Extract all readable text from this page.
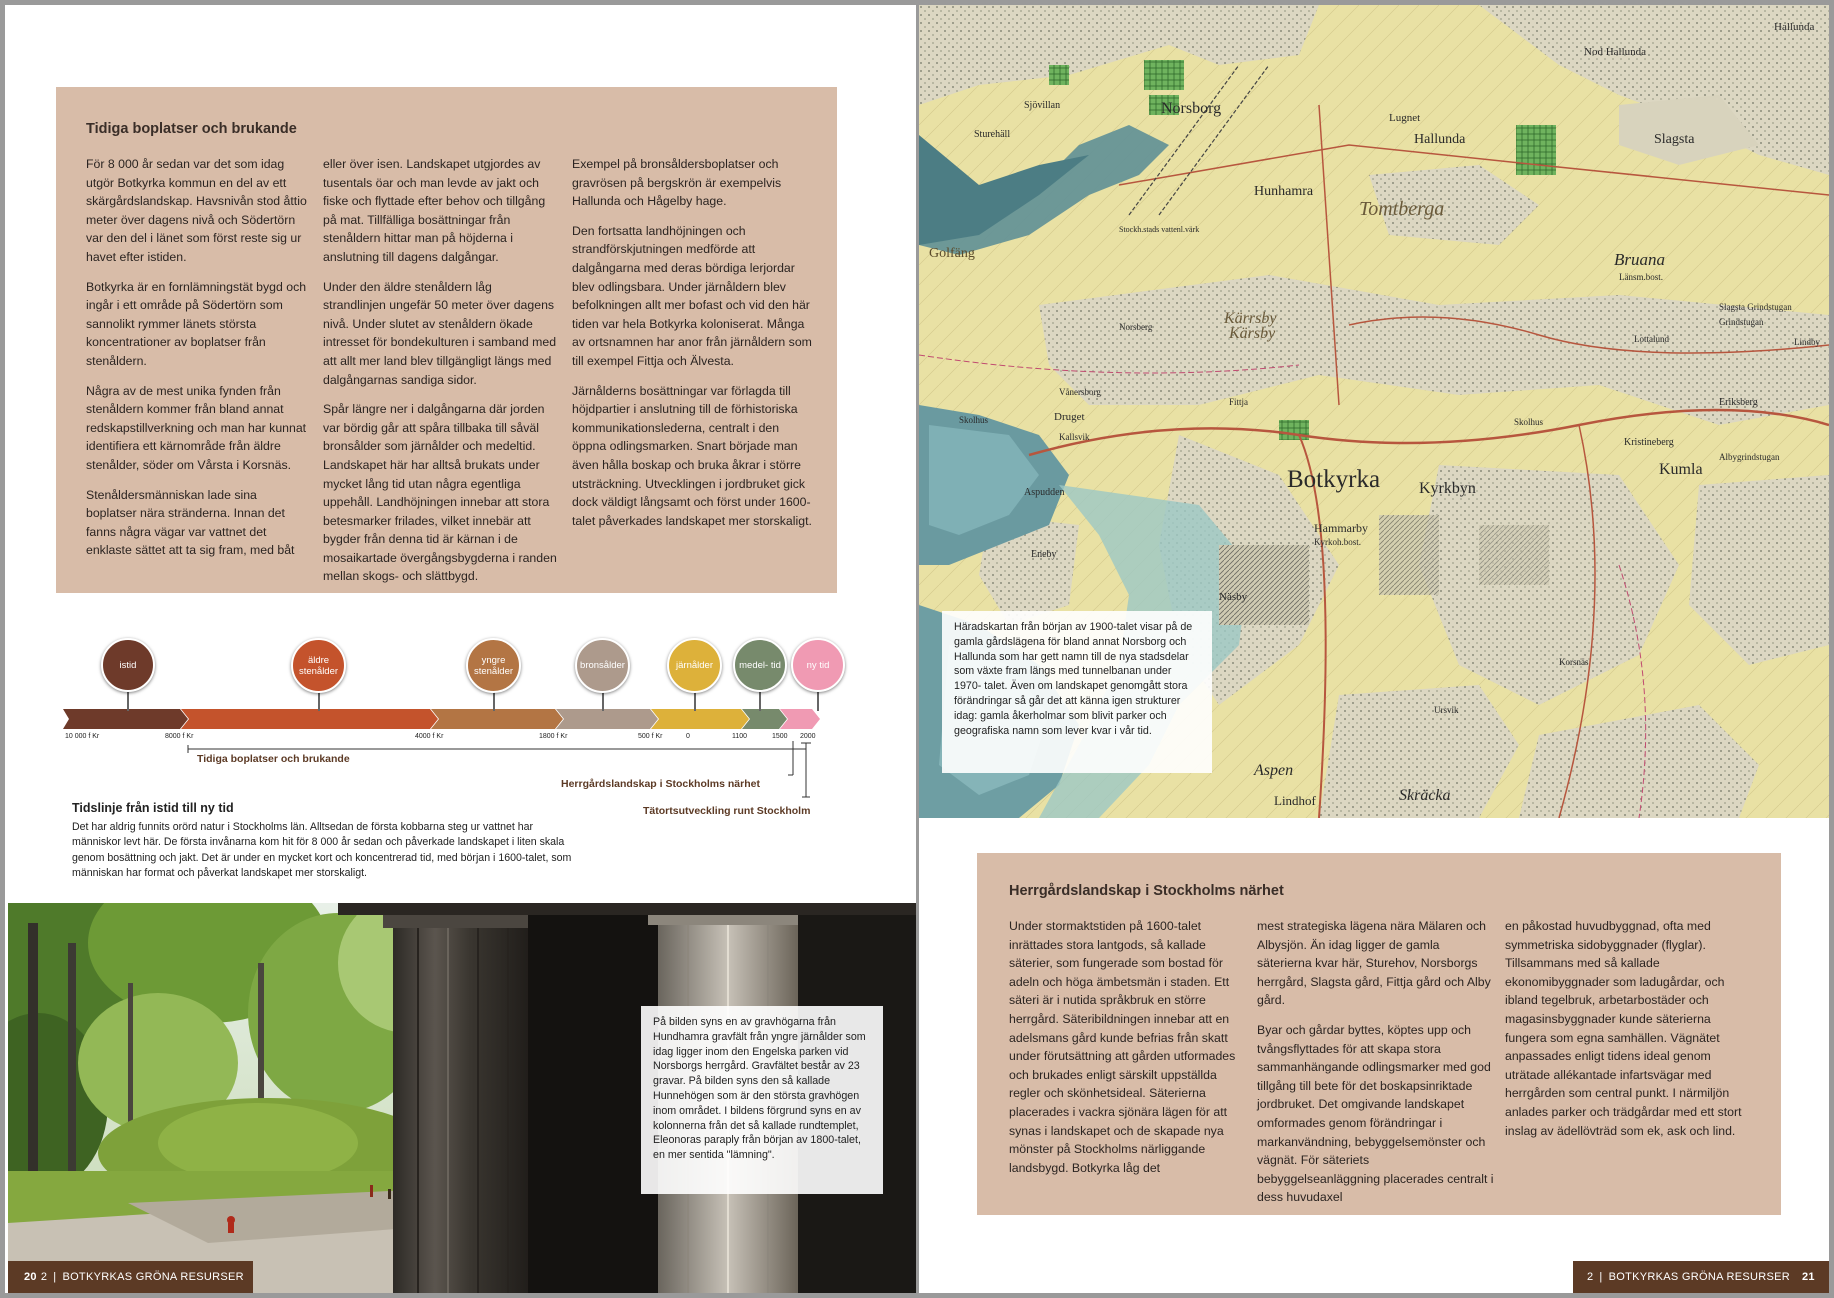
Tidiga boplatser och brukande

För 8 000 år sedan var det som idag utgör Botkyrka kommun en del av ett skärgårdslandskap. Havsnivån stod åttio meter över dagens nivå och Södertörn var den del i länet som först reste sig ur havet efter istiden.

Botkyrka är en fornlämningstät bygd och ingår i ett område på Södertörn som sannolikt rymmer länets största koncentrationer av boplatser från stenåldern.

Några av de mest unika fynden från stenåldern kommer från bland annat redskapstillverkning och man har kunnat identifiera ett kärnområde från äldre stenålder, söder om Vårsta i Korsnäs.

Stenåldersmänniskan lade sina boplatser nära stränderna. Innan det fanns några vägar var vattnet det enklaste sättet att ta sig fram, med båt

eller över isen. Landskapet utgjordes av tusentals öar och man levde av jakt och fiske och flyttade efter behov och tillgång på mat. Tillfälliga bosättningar från stenåldern hittar man på höjderna i anslutning till dagens dalgångar.

Under den äldre stenåldern låg strandlinjen ungefär 50 meter över dagens nivå. Under slutet av stenåldern ökade intresset för bondekulturen i samband med att allt mer land blev tillgängligt längs med dalgångarnas sandiga sidor.

Spår längre ner i dalgångarna där jorden var bördig går att spåra tillbaka till såväl bronsålder som järnålder och medeltid. Landskapet här har alltså brukats under mycket lång tid utan några egentliga uppehåll. Landhöjningen innebar att stora betesmarker frilades, vilket innebär att bygder från denna tid är kärnan i de mosaikartade övergångsbygderna i randen mellan skogs- och slättbygd.

Exempel på bronsåldersboplatser och gravrösen på bergskrön är exempelvis Hallunda och Hågelby hage.

Den fortsatta landhöjningen och strandförskjutningen medförde att dalgångarna med deras bördiga lerjordar blev odlingsbara. Under järnåldern blev befolkningen allt mer bofast och vid den här tiden var hela Botkyrka koloniserat. Många av ortsnamnen har anor från järnåldern som till exempel Fittja och Älvesta.

Järnålderns bosättningar var förlagda till höjdpartier i anslutning till de förhistoriska kommunikationslederna, centralt i den öppna odlingsmarken. Snart började man även hålla boskap och bruka åkrar i större utsträckning. Utvecklingen i jordbruket gick dock väldigt långsamt och först under 1600-talet påverkades landskapet mer storskaligt.

istid	äldre stenålder
yngre stenålder	bronsålder	järnålder	medel- tid	ny tid
10 000 f Kr	8000 f Kr	4000 f Kr	1800 f Kr	500 f Kr	0	1100	1500 2000
Tidiga boplatser och brukande
Herrgårdslandskap i Stockholms närhet
Tätortsutveckling runt Stockholm
Tidslinje från istid till ny tid
Det har aldrig funnits orörd natur i Stockholms län. Alltsedan de första kobbarna steg ur vattnet har människor levt här. De första invånarna kom hit för 8 000 år sedan och påverkade landskapet i liten skala genom bosättning och jakt. Det är under en mycket kort och koncentrerad tid, med början i 1600-talet, som människan har format och påverkat landskapet mer storskaligt.
På bilden syns en av gravhögarna från Hundhamra gravfält från yngre järnålder som idag ligger inom den Engelska parken vid Norsborgs herrgård. Gravfältet består av 23 gravar. På bilden syns den så kallade Hunnehögen som är den största gravhögen inom området. I bildens förgrund syns en av kolonnerna från det så kallade rundtemplet, Eleonoras paraply från början av 1800-talet, en mer sentida "lämning".
20 2 | BOTKYRKAS GRÖNA RESURSER
Hallunda
Nod Hallunda
Norsborg
Sjövillan
Sturehäll
Lugnet
Hallunda	Slagsta
Hunhamra
Tomtberga
Stockh.stads vattenl.värk
Golfäng	Bruana
Länsm.bost.
Kärrsby
Kärsby
Norsberg
Slagsta Grindstugan
Grindstugan
Lottalund	Lindby
Vånersborg
Skolhus	Druget
Kallsvik
Fittja	Eriksberg
Skolhus
Kristineberg
Albygrindstugan
Kumla
Aspudden	Botkyrka Kyrkbyn
Hammarby
Kyrkoh.bost.
Eneby
Näsby
Ursvik
Aspen
Korsnäs
Lindhof	Skräcka
Häradskartan från början av 1900-talet visar på de gamla gårdslägena för bland annat Norsborg och Hallunda som har gett namn till de nya stadsdelar som växte fram längs med tunnelbanan under 1970- talet. Även om landskapet genomgått stora förändringar så går det att känna igen strukturer idag: gamla åkerholmar som blivit parker och geografiska namn som lever kvar i vår tid.
Herrgårdslandskap i Stockholms närhet

Under stormaktstiden på 1600-talet inrättades stora lantgods, så kallade säterier, som fungerade som bostad för adeln och höga ämbetsmän i staden. Ett säteri är i nutida språkbruk en större herrgård. Säteribildningen innebar att en adelsmans gård kunde befrias från skatt under förutsättning att gården utformades och brukades enligt särskilt uppställda regler och skönhetsideal. Säterierna placerades i vackra sjönära lägen för att synas i landskapet och de skapade nya mönster på Stockholms närliggande landsbygd. Botkyrka låg det

mest strategiska lägena nära Mälaren och Albysjön. Än idag ligger de gamla säterierna kvar här, Sturehov, Norsborgs herrgård, Slagsta gård, Fittja gård och Alby gård.

Byar och gårdar byttes, köptes upp och tvångsflyttades för att skapa stora sammanhängande odlingsmarker med god tillgång till bete för det boskapsinriktade jordbruket. Det omgivande landskapet omformades genom förändringar i markanvändning, bebyggelsemönster och vägnät. För säteriets bebyggelseanläggning placerades centralt i dess huvudaxel

en påkostad huvudbyggnad, ofta med symmetriska sidobyggnader (flyglar). Tillsammans med så kallade ekonomibyggnader som ladugårdar, och ibland tegelbruk, arbetarbostäder och magasinsbyggnader kunde säterierna fungera som egna samhällen. Vägnätet anpassades enligt tidens ideal genom uträtade allékantade infartsvägar med herrgården som central punkt. I närmiljön anlades parker och trädgårdar med ett stort inslag av ädellövträd som ek, ask och lind.

2 | BOTKYRKAS GRÖNA RESURSER 21
